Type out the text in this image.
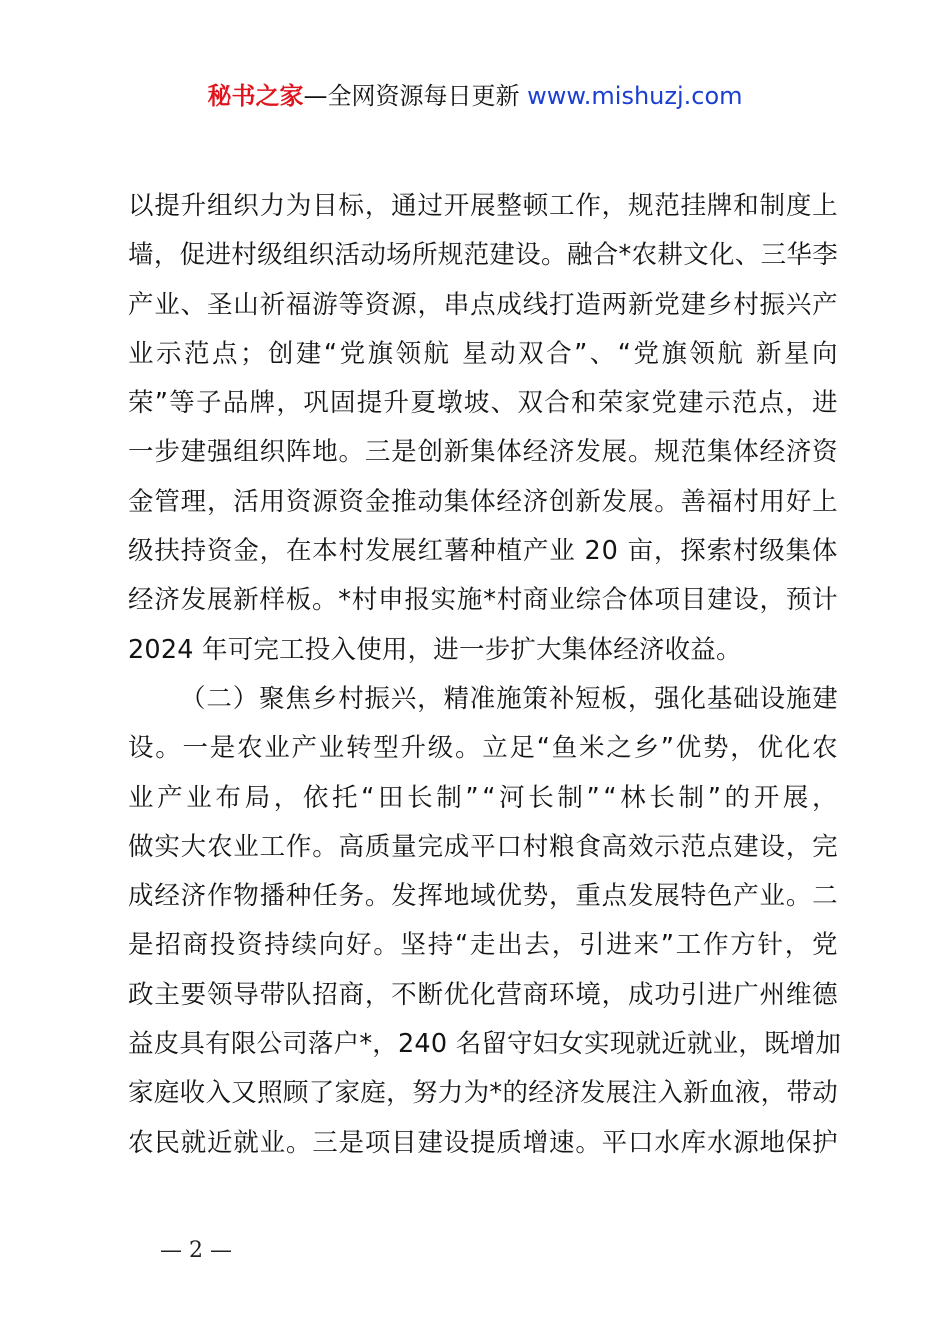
秘书之家—全网资源每日更新 www.mishuzj.com
以 提 升 组 织 力 为 目 标 ， 通 过 开 展 整 顿 工 作 ， 规 范 挂 牌 和 制 度 上
墙 ， 促 进 村 级 组 织 活 动 场 所 规 范 建 设 。 融 合 * 农 耕 文 化 、 三 华 李
产 业 、 圣 山 祈 福 游 等 资 源 ， 串 点 成 线 打 造 两 新 党 建 乡 村 振 兴 产
业 示 范 点 ； 创 建 “ 党 旗 领 航
星 动 双 合 ” 、 “ 党 旗 领 航
新 星 向
荣 ” 等 子 品 牌 ， 巩 固 提 升 夏 墩 坡 、 双 合 和 荣 家 党 建 示 范 点 ， 进
一 步 建 强 组 织 阵 地 。 三 是 创 新 集 体 经 济 发 展 。 规 范 集 体 经 济 资
金 管 理 ， 活 用 资 源 资 金 推 动 集 体 经 济 创 新 发 展 。 善 福 村 用 好 上
级 扶 持 资 金 ， 在 本 村 发 展 红 薯 种 植 产 业
2 0
亩 ， 探 索 村 级 集 体
经 济 发 展 新 样 板 。 * 村 申 报 实 施 * 村 商 业 综 合 体 项 目 建 设 ， 预 计
2024 年可完工投入使用，进一步扩大集体经济收益。
（ 二 ） 聚 焦 乡 村 振 兴 ， 精 准 施 策 补 短 板 ， 强 化 基 础 设 施 建
设 。 一 是 农 业 产 业 转 型 升 级 。 立 足 “ 鱼 米 之 乡 ” 优 势 ， 优 化 农
业 产 业 布 局 ， 依 托 “ 田 长 制 ” “ 河 长 制 ” “ 林 长 制 ” 的 开 展 ，
做 实 大 农 业 工 作 。 高 质 量 完 成 平 口 村 粮 食 高 效 示 范 点 建 设 ， 完
成 经 济 作 物 播 种 任 务 。 发 挥 地 域 优 势 ， 重 点 发 展 特 色 产 业 。 二
是 招 商 投 资 持 续 向 好 。 坚 持 “ 走 出 去 ， 引 进 来 ” 工 作 方 针 ， 党
政 主 要 领 导 带 队 招 商 ， 不 断 优 化 营 商 环 境 ， 成 功 引 进 广 州 维 德
益 皮 具 有 限 公 司 落 户 * ， 2 4 0
名 留 守 妇 女 实 现 就 近 就 业 ， 既 增 加
家 庭 收 入 又 照 顾 了 家 庭 ， 努 力 为 * 的 经 济 发 展 注 入 新 血 液 ， 带 动
农 民 就 近 就 业 。 三 是 项 目 建 设 提 质 增 速 。 平 口 水 库 水 源 地 保 护
— 2 —
